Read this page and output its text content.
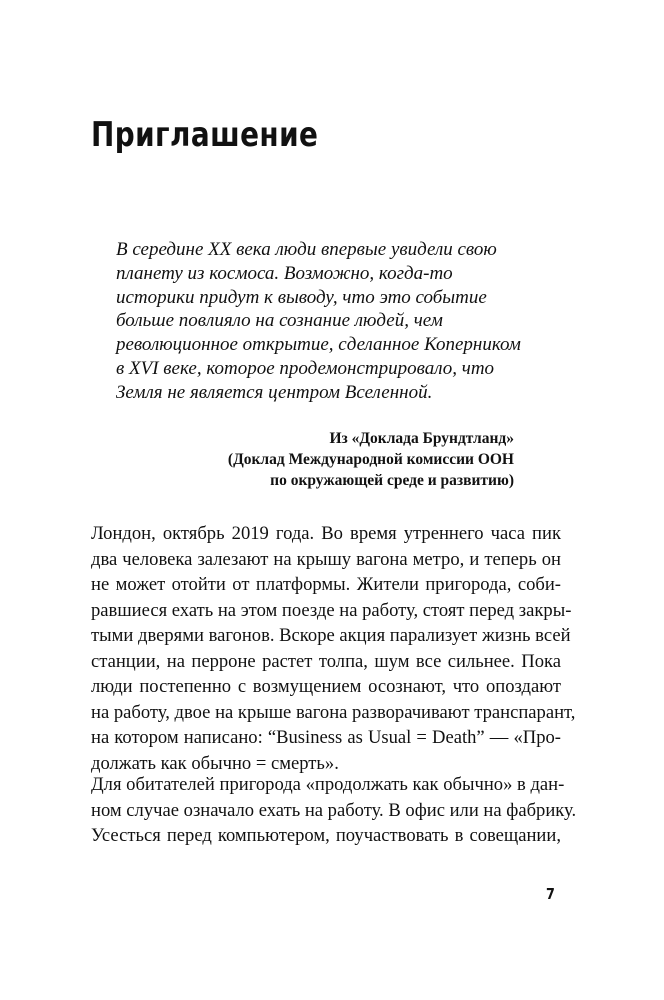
Приглашение

В середине XX века люди впервые увидели свою
планету из космоса. Возможно, когда-то
историки придут к выводу, что это событие
больше повлияло на сознание людей, чем
революционное открытие, сделанное Коперником
в XVI веке, которое продемонстрировало, что
Земля не является центром Вселенной.

Из «Доклада Брундтланд»
(Доклад Международной комиссии ООН
по окружающей среде и развитию)

Лондон, октябрь 2019 года. Во время утреннего часа пик
два человека залезают на крышу вагона метро, и теперь он
не может отойти от платформы. Жители пригорода, соби-
равшиеся ехать на этом поезде на работу, стоят перед закры-
тыми дверями вагонов. Вскоре акция парализует жизнь всей
станции, на перроне растет толпа, шум все сильнее. Пока
люди постепенно с возмущением осознают, что опоздают
на работу, двое на крыше вагона разворачивают транспарант,
на котором написано: “Business as Usual = Death” — «Про-
должать как обычно = смерть».

Для обитателей пригорода «продолжать как обычно» в дан-
ном случае означало ехать на работу. В офис или на фабрику.
Усесться перед компьютером, поучаствовать в совещании,

7
